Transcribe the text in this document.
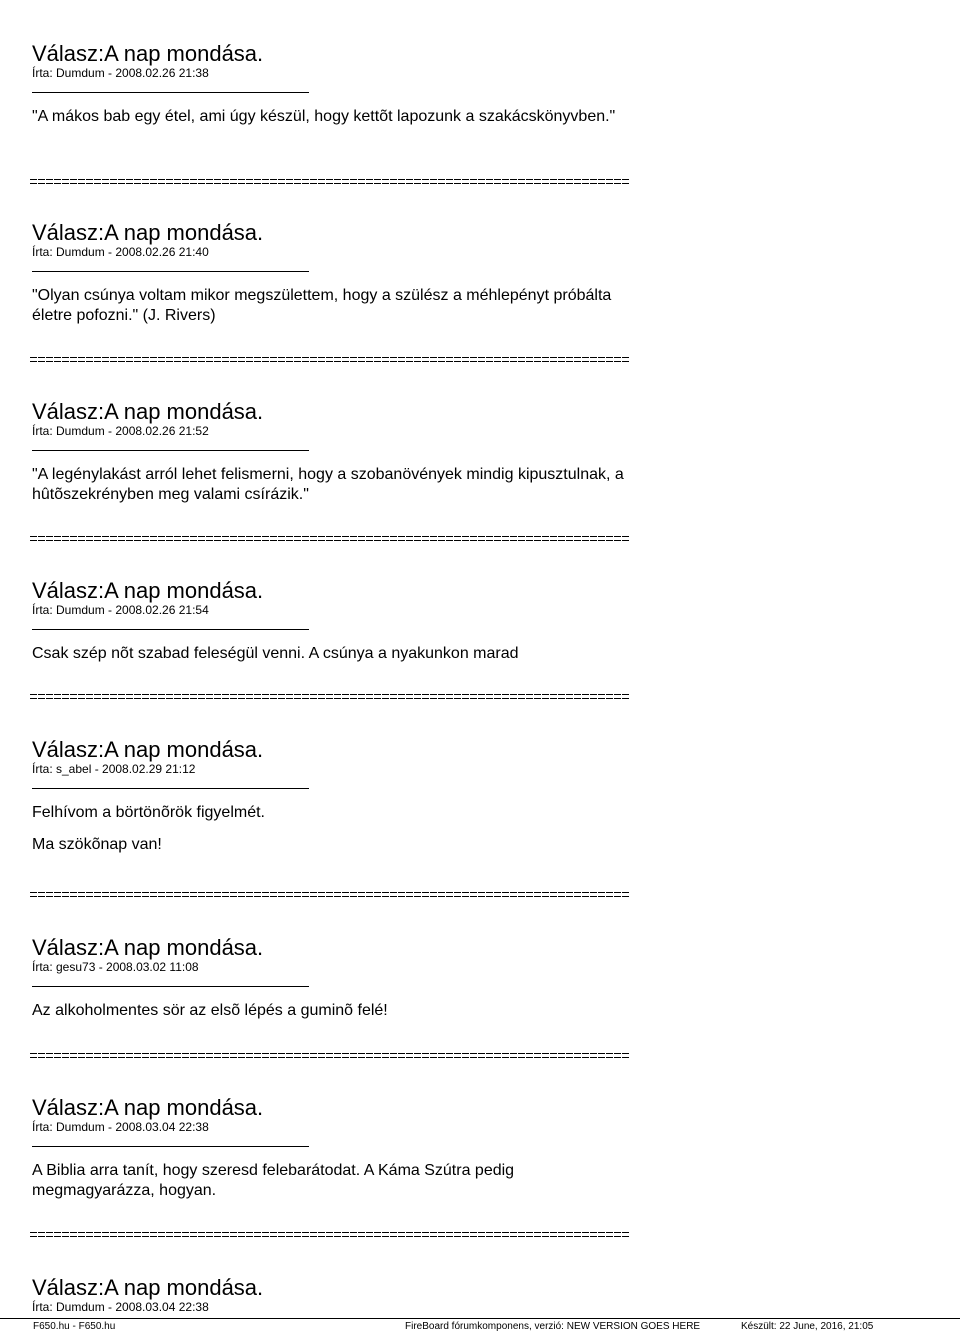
Válasz:A nap mondása.
Írta: Dumdum - 2008.02.26 21:38

"A mákos bab egy étel, ami úgy készül, hogy kettõt lapozunk a szakácskönyvben."

Válasz:A nap mondása.
Írta: Dumdum - 2008.02.26 21:40

"Olyan csúnya voltam mikor megszülettem, hogy a szülész a méhlepényt próbálta életre pofozni." (J. Rivers)

Válasz:A nap mondása.
Írta: Dumdum - 2008.02.26 21:52

"A legénylakást arról lehet felismerni, hogy a szobanövények mindig kipusztulnak, a hûtõszekrényben meg valami csírázik."

Válasz:A nap mondása.
Írta: Dumdum - 2008.02.26 21:54

Csak szép nõt szabad feleségül venni. A csúnya a nyakunkon marad

Válasz:A nap mondása.
Írta: s_abel - 2008.02.29 21:12

Felhívom a börtönõrök figyelmét.

Ma szökõnap van!

Válasz:A nap mondása.
Írta: gesu73 - 2008.03.02 11:08

Az alkoholmentes sör az elsõ lépés a guminõ felé!

Válasz:A nap mondása.
Írta: Dumdum - 2008.03.04 22:38

A Biblia arra tanít, hogy szeresd felebarátodat. A Káma Szútra pedig megmagyarázza, hogyan.

Válasz:A nap mondása.
Írta: Dumdum - 2008.03.04 22:38
F650.hu - F650.hu	FireBoard fórumkomponens, verzió: NEW VERSION GOES HERE	Készült: 22 June, 2016, 21:05
